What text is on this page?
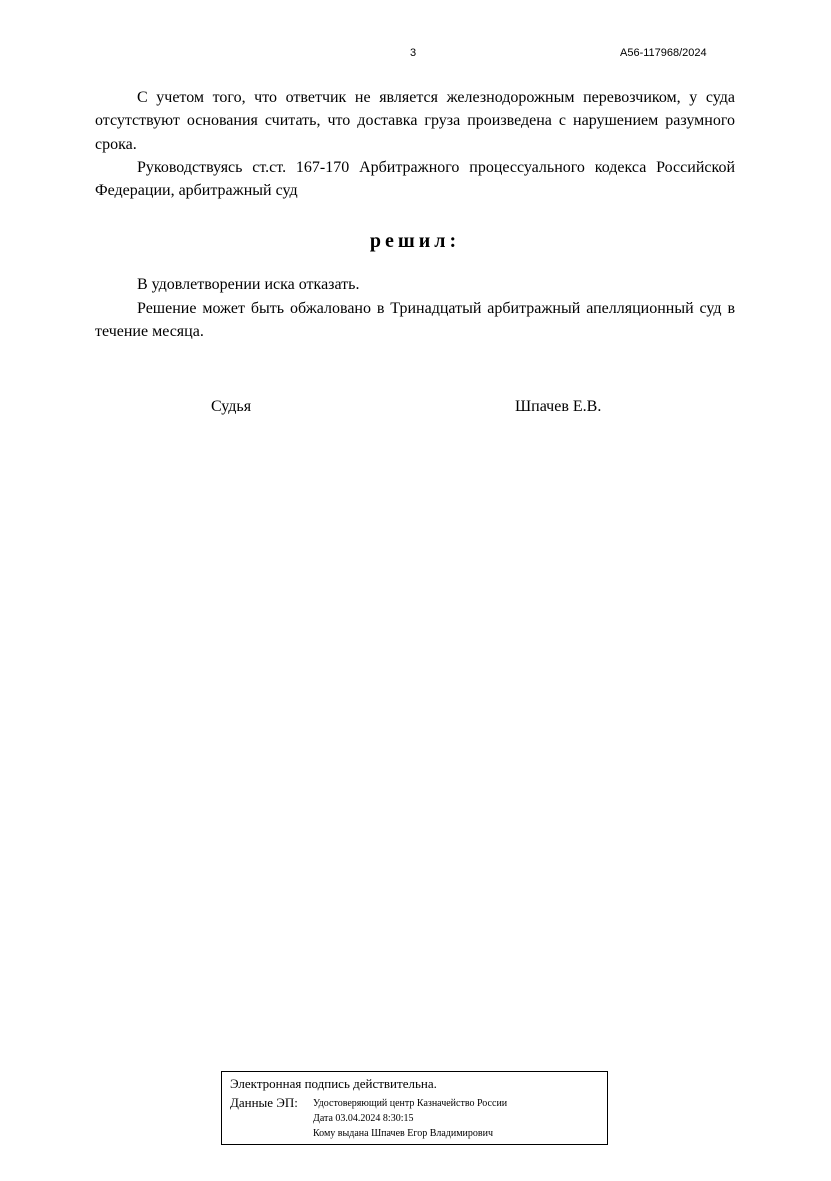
3	А56-117968/2024

С учетом того, что ответчик не является железнодорожным перевозчиком, у суда отсутствуют основания считать, что доставка груза произведена с нарушением разумного срока.

Руководствуясь ст.ст. 167-170 Арбитражного процессуального кодекса Российской Федерации, арбитражный суд

решил:

В удовлетворении иска отказать.

Решение может быть обжаловано в Тринадцатый арбитражный апелляционный суд в течение месяца.

Судья	Шпачев Е.В.
Электронная подпись действительна.
Данные ЭП: Удостоверяющий центр Казначейство России
Дата 03.04.2024 8:30:15
Кому выдана Шпачев Егор Владимирович
